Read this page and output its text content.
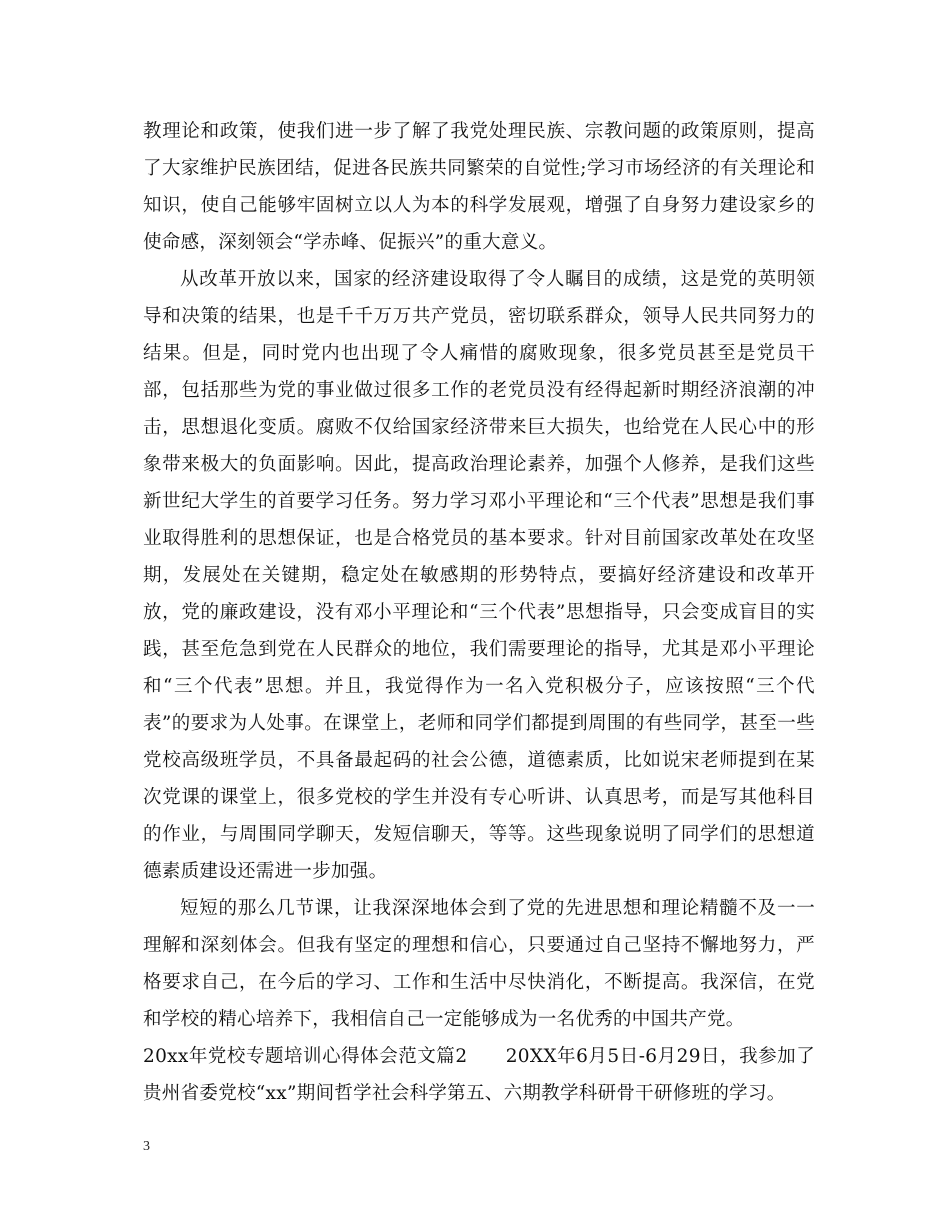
教理论和政策，使我们进一步了解了我党处理民族、宗教问题的政策原则，提高了大家维护民族团结，促进各民族共同繁荣的自觉性;学习市场经济的有关理论和知识，使自己能够牢固树立以人为本的科学发展观，增强了自身努力建设家乡的使命感，深刻领会“学赤峰、促振兴”的重大意义。

从改革开放以来，国家的经济建设取得了令人瞩目的成绩，这是党的英明领导和决策的结果，也是千千万万共产党员，密切联系群众，领导人民共同努力的结果。但是，同时党内也出现了令人痛惜的腐败现象，很多党员甚至是党员干部，包括那些为党的事业做过很多工作的老党员没有经得起新时期经济浪潮的冲击，思想退化变质。腐败不仅给国家经济带来巨大损失，也给党在人民心中的形象带来极大的负面影响。因此，提高政治理论素养，加强个人修养，是我们这些新世纪大学生的首要学习任务。努力学习邓小平理论和“三个代表”思想是我们事业取得胜利的思想保证，也是合格党员的基本要求。针对目前国家改革处在攻坚期，发展处在关键期，稳定处在敏感期的形势特点，要搞好经济建设和改革开放，党的廉政建设，没有邓小平理论和“三个代表”思想指导，只会变成盲目的实践，甚至危急到党在人民群众的地位，我们需要理论的指导，尤其是邓小平理论和“三个代表”思想。并且，我觉得作为一名入党积极分子，应该按照“三个代表”的要求为人处事。在课堂上，老师和同学们都提到周围的有些同学，甚至一些党校高级班学员，不具备最起码的社会公德，道德素质，比如说宋老师提到在某次党课的课堂上，很多党校的学生并没有专心听讲、认真思考，而是写其他科目的作业，与周围同学聊天，发短信聊天，等等。这些现象说明了同学们的思想道德素质建设还需进一步加强。

短短的那么几节课，让我深深地体会到了党的先进思想和理论精髓不及一一理解和深刻体会。但我有坚定的理想和信心，只要通过自己坚持不懈地努力，严格要求自己，在今后的学习、工作和生活中尽快消化，不断提高。我深信，在党和学校的精心培养下，我相信自己一定能够成为一名优秀的中国共产党。

20xx年党校专题培训心得体会范文篇2　　20XX年6月5日-6月29日，我参加了贵州省委党校“xx”期间哲学社会科学第五、六期教学科研骨干研修班的学习。

3
